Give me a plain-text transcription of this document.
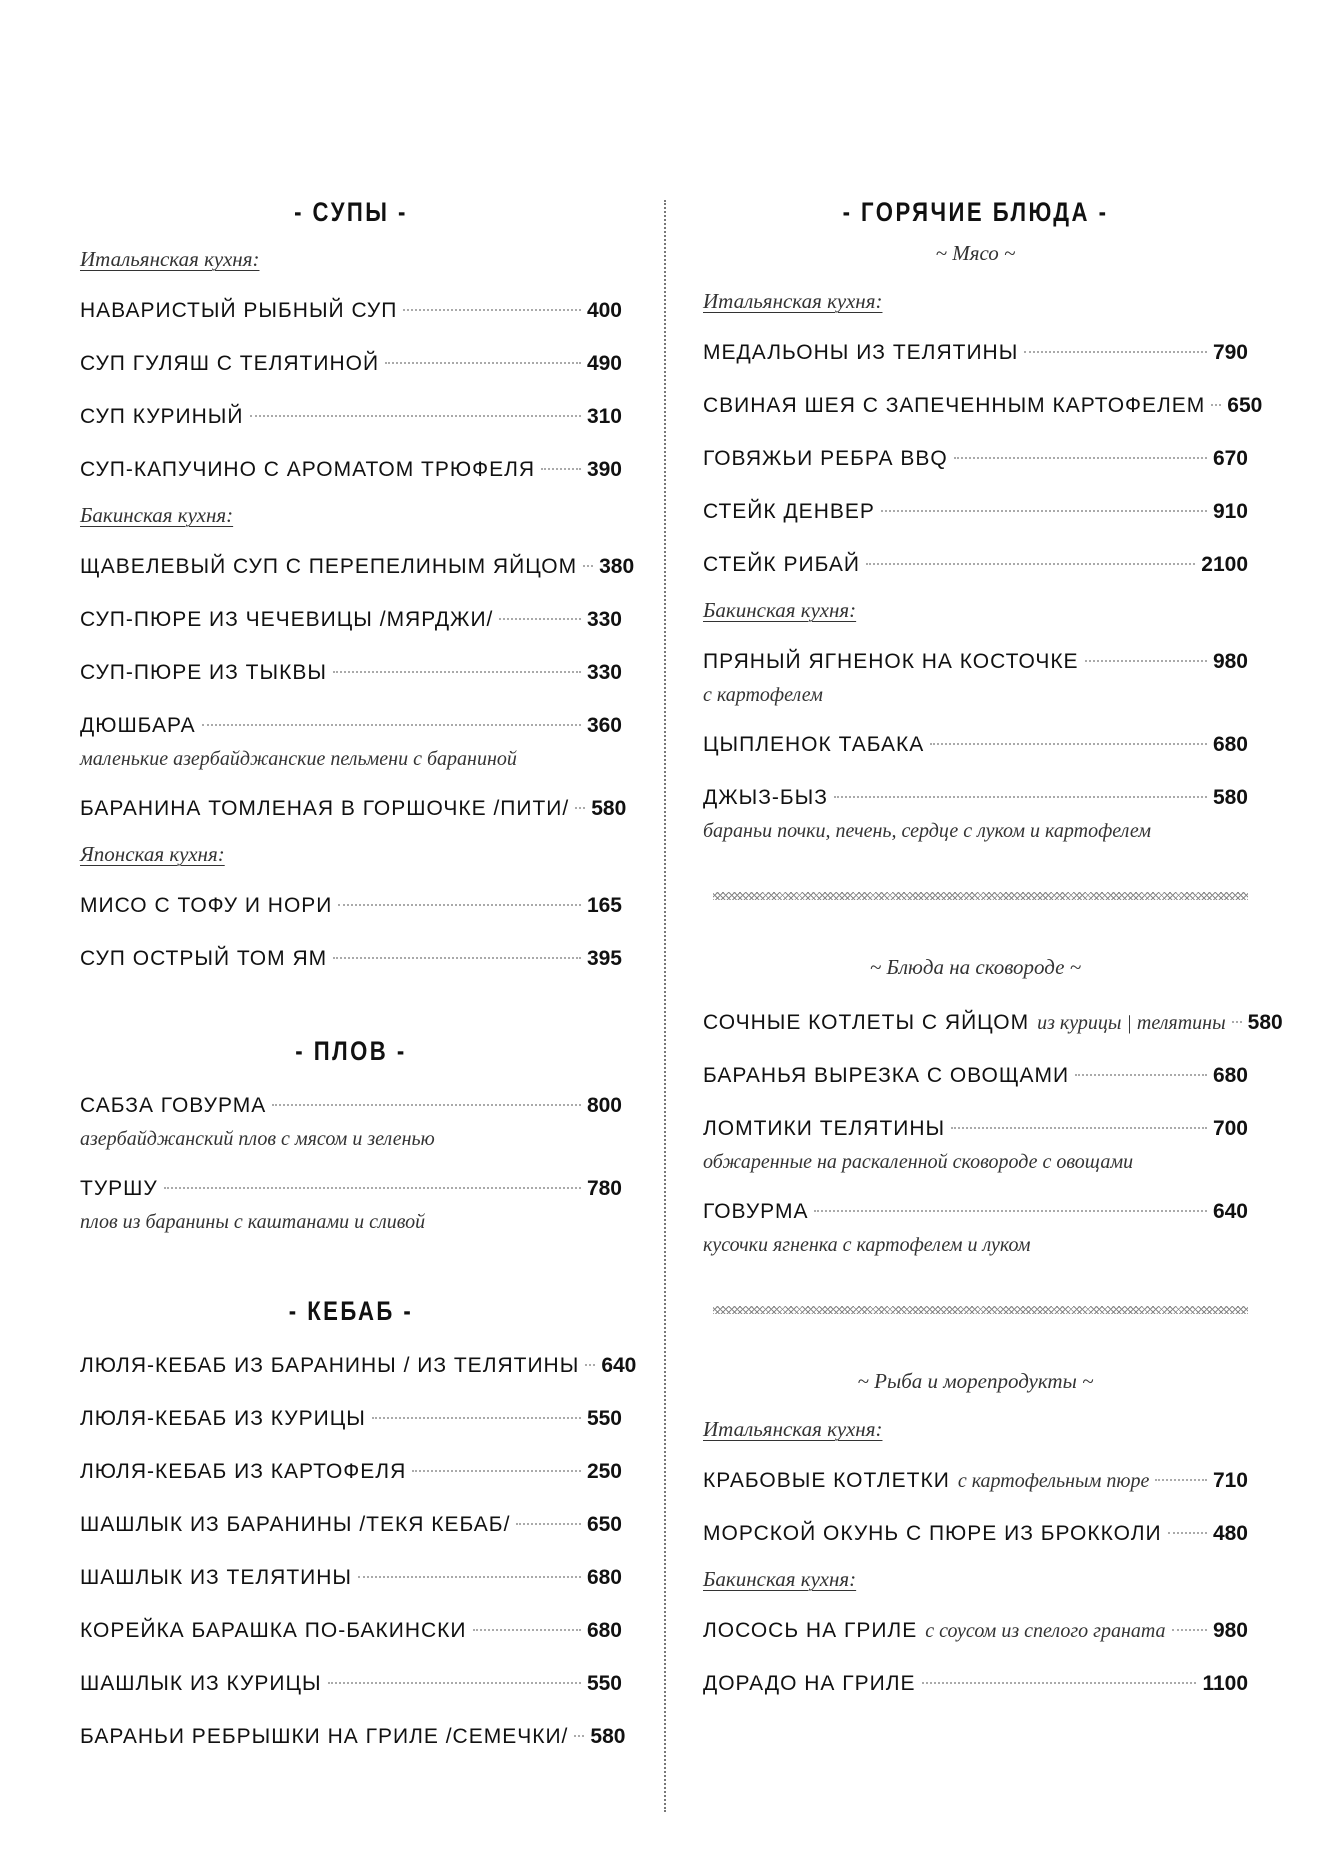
- СУПЫ -
Итальянская кухня:
НАВАРИСТЫЙ РЫБНЫЙ СУП	400
СУП ГУЛЯШ С ТЕЛЯТИНОЙ	490
СУП КУРИНЫЙ	310
СУП-КАПУЧИНО С АРОМАТОМ ТРЮФЕЛЯ 390
Бакинская кухня:
ЩАВЕЛЕВЫЙ СУП С ПЕРЕПЕЛИНЫМ ЯЙЦОМ 380
СУП-ПЮРЕ ИЗ ЧЕЧЕВИЦЫ /МЯРДЖИ/	330
СУП-ПЮРЕ ИЗ ТЫКВЫ	330
ДЮШБАРА	360
маленькие азербайджанские пельмени с бараниной
БАРАНИНА ТОМЛЕНАЯ В ГОРШОЧКЕ /ПИТИ/ 580
Японская кухня:
МИСО С ТОФУ И НОРИ	165
СУП ОСТРЫЙ ТОМ ЯМ	395
- ПЛОВ -
САБЗА ГОВУРМА	800
азербайджанский плов с мясом и зеленью
ТУРШУ	780
плов из баранины с каштанами и сливой
- КЕБАБ -
ЛЮЛЯ-КЕБАБ ИЗ БАРАНИНЫ / ИЗ ТЕЛЯТИНЫ 640
ЛЮЛЯ-КЕБАБ ИЗ КУРИЦЫ	550
ЛЮЛЯ-КЕБАБ ИЗ КАРТОФЕЛЯ	250
ШАШЛЫК ИЗ БАРАНИНЫ /ТЕКЯ КЕБАБ/	650
ШАШЛЫК ИЗ ТЕЛЯТИНЫ	680
КОРЕЙКА БАРАШКА ПО-БАКИНСКИ	680
ШАШЛЫК ИЗ КУРИЦЫ	550
БАРАНЬИ РЕБРЫШКИ НА ГРИЛЕ /СЕМЕЧКИ/ 580
- ГОРЯЧИЕ БЛЮДА -
~ Мясо ~
Итальянская кухня:
МЕДАЛЬОНЫ ИЗ ТЕЛЯТИНЫ	790
СВИНАЯ ШЕЯ С ЗАПЕЧЕННЫМ КАРТОФЕЛЕМ 650
ГОВЯЖЬИ РЕБРА BBQ	670
СТЕЙК ДЕНВЕР	910
СТЕЙК РИБАЙ	2100
Бакинская кухня:
ПРЯНЫЙ ЯГНЕНОК НА КОСТОЧКЕ	980
с картофелем
ЦЫПЛЕНОК ТАБАКА	680
ДЖЫЗ-БЫЗ	580
бараньи почки, печень, сердце с луком и картофелем
~ Блюда на сковороде ~
СОЧНЫЕ КОТЛЕТЫ С ЯЙЦОМ из курицы | телятины 580
БАРАНЬЯ ВЫРЕЗКА С ОВОЩАМИ	680
ЛОМТИКИ ТЕЛЯТИНЫ	700
обжаренные на раскаленной сковороде с овощами
ГОВУРМА	640
кусочки ягненка с картофелем и луком
~ Рыба и морепродукты ~
Итальянская кухня:
КРАБОВЫЕ КОТЛЕТКИ с картофельным пюре	710
МОРСКОЙ ОКУНЬ С ПЮРЕ ИЗ БРОККОЛИ 480
Бакинская кухня:
ЛОСОСЬ НА ГРИЛЕ с соусом из спелого граната 980
ДОРАДО НА ГРИЛЕ	1100
